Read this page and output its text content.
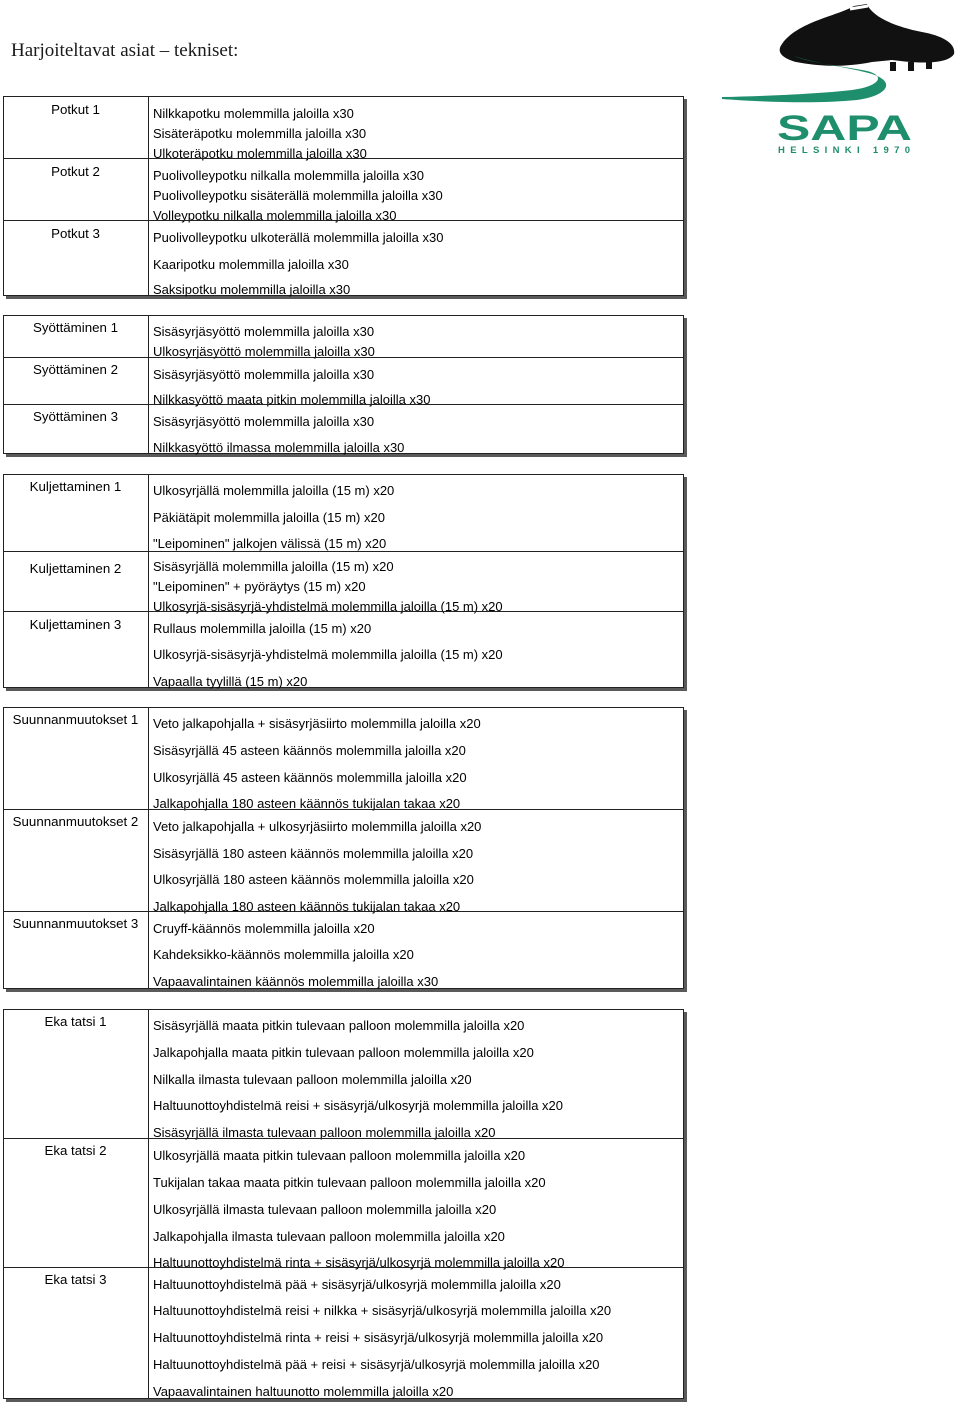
Harjoiteltavat asiat – tekniset:
SAPA
HELSINKI 1970
Potkut 1	Nilkkapotku molemmilla jaloilla x30
Sisäteräpotku molemmilla jaloilla x30
Ulkoteräpotku molemmilla jaloilla x30
Potkut 2	Puolivolleypotku nilkalla molemmilla jaloilla x30
Puolivolleypotku sisäterällä molemmilla jaloilla x30
Volleypotku nilkalla molemmilla jaloilla x30
Potkut 3	Puolivolleypotku ulkoterällä molemmilla jaloilla x30
Kaaripotku molemmilla jaloilla x30
Saksipotku molemmilla jaloilla x30
Syöttäminen 1	Sisäsyrjäsyöttö molemmilla jaloilla x30
Ulkosyrjäsyöttö molemmilla jaloilla x30
Syöttäminen 2	Sisäsyrjäsyöttö molemmilla jaloilla x30
Nilkkasyöttö maata pitkin molemmilla jaloilla x30
Syöttäminen 3	Sisäsyrjäsyöttö molemmilla jaloilla x30
Nilkkasyöttö ilmassa molemmilla jaloilla x30
Kuljettaminen 1	Ulkosyrjällä molemmilla jaloilla (15 m) x20
Päkiätäpit molemmilla jaloilla (15 m) x20
"Leipominen" jalkojen välissä (15 m) x20
Kuljettaminen 2	Sisäsyrjällä molemmilla jaloilla (15 m) x20
"Leipominen" + pyöräytys (15 m) x20
Ulkosyrjä-sisäsyrjä-yhdistelmä molemmilla jaloilla (15 m) x20
Kuljettaminen 3	Rullaus molemmilla jaloilla (15 m) x20
Ulkosyrjä-sisäsyrjä-yhdistelmä molemmilla jaloilla (15 m) x20
Vapaalla tyylillä (15 m) x20
Suunnanmuutokset 1	Veto jalkapohjalla + sisäsyrjäsiirto molemmilla jaloilla x20
Sisäsyrjällä 45 asteen käännös molemmilla jaloilla x20
Ulkosyrjällä 45 asteen käännös molemmilla jaloilla x20
Jalkapohjalla 180 asteen käännös tukijalan takaa x20
Suunnanmuutokset 2	Veto jalkapohjalla + ulkosyrjäsiirto molemmilla jaloilla x20
Sisäsyrjällä 180 asteen käännös molemmilla jaloilla x20
Ulkosyrjällä 180 asteen käännös molemmilla jaloilla x20
Jalkapohjalla 180 asteen käännös tukijalan takaa x20
Suunnanmuutokset 3	Cruyff-käännös molemmilla jaloilla x20
Kahdeksikko-käännös molemmilla jaloilla x20
Vapaavalintainen käännös molemmilla jaloilla x30
Eka tatsi 1	Sisäsyrjällä maata pitkin tulevaan palloon molemmilla jaloilla x20
Jalkapohjalla maata pitkin tulevaan palloon molemmilla jaloilla x20
Nilkalla ilmasta tulevaan palloon molemmilla jaloilla x20
Haltuunottoyhdistelmä reisi + sisäsyrjä/ulkosyrjä molemmilla jaloilla x20
Sisäsyrjällä ilmasta tulevaan palloon molemmilla jaloilla x20
Eka tatsi 2	Ulkosyrjällä maata pitkin tulevaan palloon molemmilla jaloilla x20
Tukijalan takaa maata pitkin tulevaan palloon molemmilla jaloilla x20
Ulkosyrjällä ilmasta tulevaan palloon molemmilla jaloilla x20
Jalkapohjalla ilmasta tulevaan palloon molemmilla jaloilla x20
Haltuunottoyhdistelmä rinta + sisäsyrjä/ulkosyrjä molemmilla jaloilla x20
Eka tatsi 3	Haltuunottoyhdistelmä pää + sisäsyrjä/ulkosyrjä molemmilla jaloilla x20
Haltuunottoyhdistelmä reisi + nilkka + sisäsyrjä/ulkosyrjä molemmilla jaloilla x20
Haltuunottoyhdistelmä rinta + reisi + sisäsyrjä/ulkosyrjä molemmilla jaloilla x20
Haltuunottoyhdistelmä pää + reisi + sisäsyrjä/ulkosyrjä molemmilla jaloilla x20
Vapaavalintainen haltuunotto molemmilla jaloilla x20
